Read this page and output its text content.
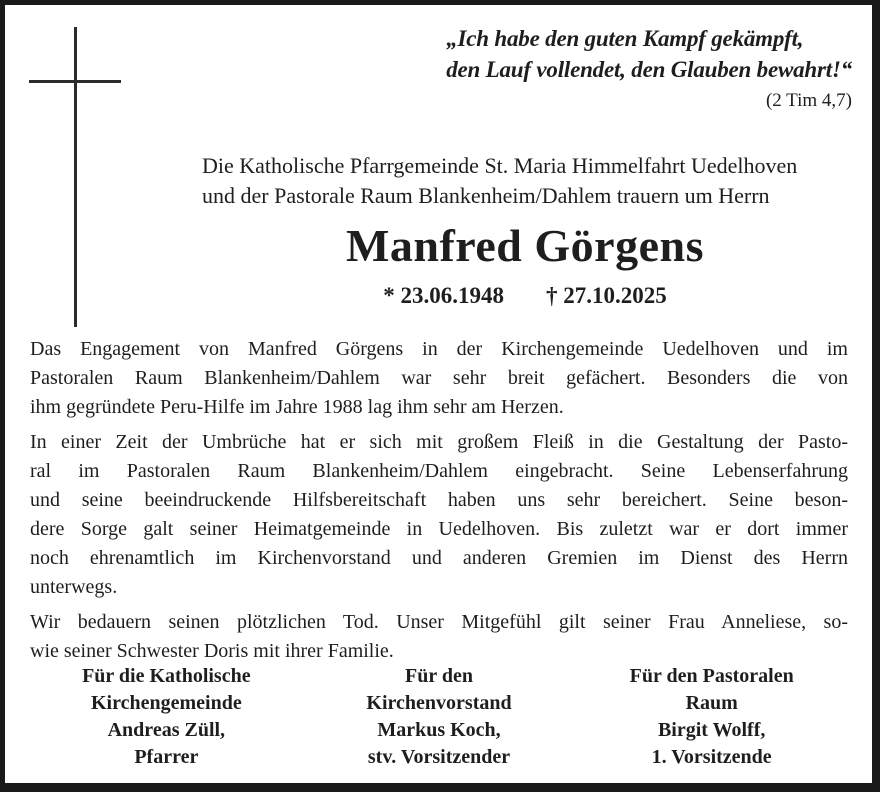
„Ich habe den guten Kampf gekämpft,
den Lauf vollendet, den Glauben bewahrt!“
(2 Tim 4,7)
Die Katholische Pfarrgemeinde St. Maria Himmelfahrt Uedelhoven
und der Pastorale Raum Blankenheim/Dahlem trauern um Herrn
Manfred Görgens
* 23.06.1948 † 27.10.2025
Das Engagement von Manfred Görgens in der Kirchengemeinde Uedelhoven und im
Pastoralen Raum Blankenheim/Dahlem war sehr breit gefächert. Besonders die von
ihm gegründete Peru-Hilfe im Jahre 1988 lag ihm sehr am Herzen.
In einer Zeit der Umbrüche hat er sich mit großem Fleiß in die Gestaltung der Pasto-
ral im Pastoralen Raum Blankenheim/Dahlem eingebracht. Seine Lebenserfahrung
und seine beeindruckende Hilfsbereitschaft haben uns sehr bereichert. Seine beson-
dere Sorge galt seiner Heimatgemeinde in Uedelhoven. Bis zuletzt war er dort immer
noch ehrenamtlich im Kirchenvorstand und anderen Gremien im Dienst des Herrn
unterwegs.
Wir bedauern seinen plötzlichen Tod. Unser Mitgefühl gilt seiner Frau Anneliese, so-
wie seiner Schwester Doris mit ihrer Familie.
Für die Katholische
Kirchengemeinde
Andreas Züll,
Pfarrer
Für den
Kirchenvorstand
Markus Koch,
stv. Vorsitzender
Für den Pastoralen
Raum
Birgit Wolff,
1. Vorsitzende
